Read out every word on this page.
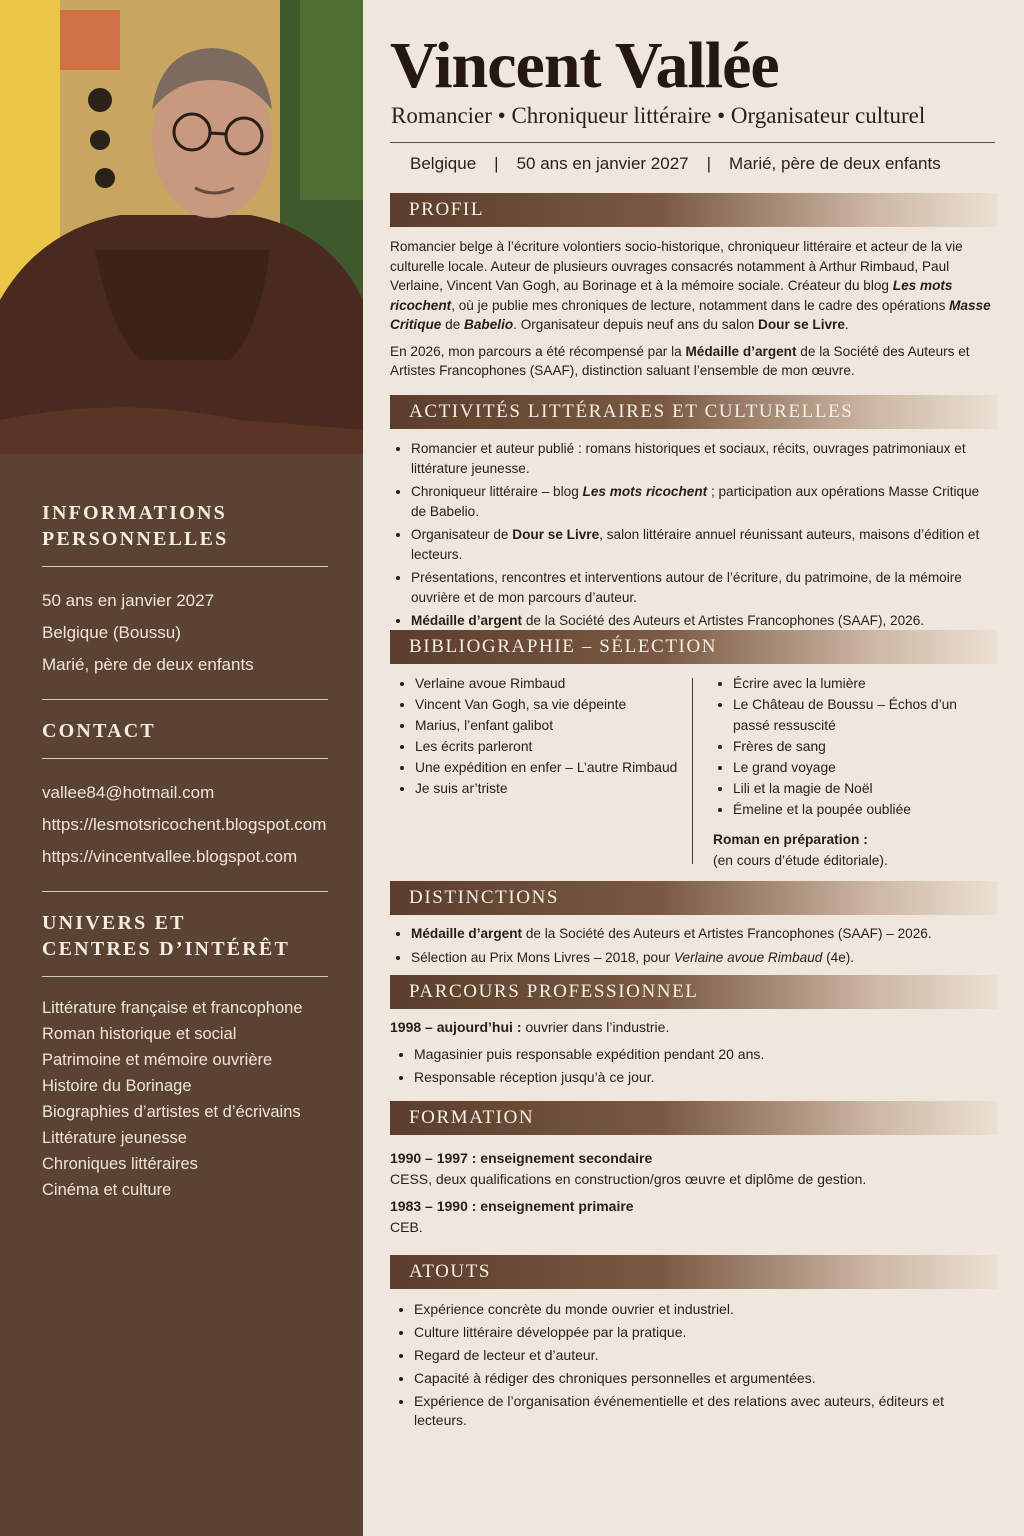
INFORMATIONS
PERSONNELLES

50 ans en janvier 2027

Belgique (Boussu)

Marié, père de deux enfants

CONTACT

vallee84@hotmail.com

https://lesmotsricochent.blogspot.com

https://vincentvallee.blogspot.com

UNIVERS ET
CENTRES D’INTÉRÊT
Littérature française et francophone
Roman historique et social
Patrimoine et mémoire ouvrière
Histoire du Borinage
Biographies d’artistes et d’écrivains
Littérature jeunesse
Chroniques littéraires
Cinéma et culture
Vincent Vallée
Romancier • Chroniqueur littéraire • Organisateur culturel
Belgique | 50 ans en janvier 2027 | Marié, père de deux enfants
PROFIL

Romancier belge à l’écriture volontiers socio-historique, chroniqueur littéraire et acteur de la vie culturelle locale. Auteur de plusieurs ouvrages consacrés notamment à Arthur Rimbaud, Paul Verlaine, Vincent Van Gogh, au Borinage et à la mémoire sociale. Créateur du blog Les mots ricochent, où je publie mes chroniques de lecture, notamment dans le cadre des opérations Masse Critique de Babelio. Organisateur depuis neuf ans du salon Dour se Livre.

En 2026, mon parcours a été récompensé par la Médaille d’argent de la Société des Auteurs et Artistes Francophones (SAAF), distinction saluant l’ensemble de mon œuvre.

ACTIVITÉS LITTÉRAIRES ET CULTURELLES
• Romancier et auteur publié : romans historiques et sociaux, récits, ouvrages patrimoniaux et littérature jeunesse.
• Chroniqueur littéraire – blog Les mots ricochent ; participation aux opérations Masse Critique de Babelio.
• Organisateur de Dour se Livre, salon littéraire annuel réunissant auteurs, maisons d’édition et lecteurs.
• Présentations, rencontres et interventions autour de l’écriture, du patrimoine, de la mémoire ouvrière et de mon parcours d’auteur.
• Médaille d’argent de la Société des Auteurs et Artistes Francophones (SAAF), 2026.
BIBLIOGRAPHIE – SÉLECTION
• Verlaine avoue Rimbaud
• Vincent Van Gogh, sa vie dépeinte
• Marius, l’enfant galibot
• Les écrits parleront
• Une expédition en enfer – L’autre Rimbaud
• Je suis ar’triste
• Écrire avec la lumière
• Le Château de Boussu – Échos d’un passé ressuscité
• Frères de sang
• Le grand voyage
• Lili et la magie de Noël
• Émeline et la poupée oubliée
Roman en préparation :
(en cours d’étude éditoriale).
DISTINCTIONS
• Médaille d’argent de la Société des Auteurs et Artistes Francophones (SAAF) – 2026.
• Sélection au Prix Mons Livres – 2018, pour Verlaine avoue Rimbaud (4e).
PARCOURS PROFESSIONNEL

1998 – aujourd’hui : ouvrier dans l’industrie.

• Magasinier puis responsable expédition pendant 20 ans.
• Responsable réception jusqu’à ce jour.
FORMATION
1990 – 1997 : enseignement secondaire
CESS, deux qualifications en construction/gros œuvre et diplôme de gestion.
1983 – 1990 : enseignement primaire
CEB.
ATOUTS
• Expérience concrète du monde ouvrier et industriel.
• Culture littéraire développée par la pratique.
• Regard de lecteur et d’auteur.
• Capacité à rédiger des chroniques personnelles et argumentées.
• Expérience de l’organisation événementielle et des relations avec auteurs, éditeurs et lecteurs.
